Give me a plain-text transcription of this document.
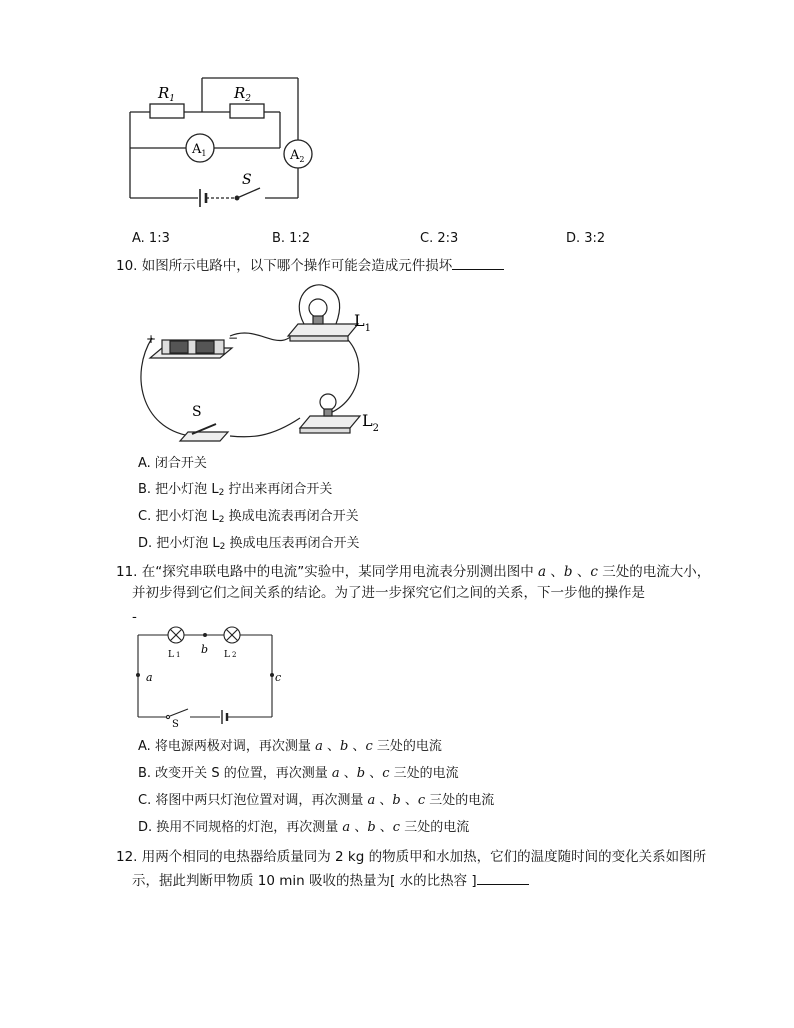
$R_1$	$R_2$
$A_1$	$A_2$
S
A. 1:3	B. 1:2	C. 2:3	D. 3:2
10. 如图所示电路中，以下哪个操作可能会造成元件损坏
+	−
$L_1$
$L_2$
S
A. 闭合开关
B. 把小灯泡 $L_2$ 拧出来再闭合开关
C. 把小灯泡 $L_2$ 换成电流表再闭合开关
D. 把小灯泡 $L_2$ 换成电压表再闭合开关
11. 在“探究串联电路中的电流”实验中，某同学用电流表分别测出图中 a 、b 、c 三处的电流大小，
并初步得到它们之间关系的结论。为了进一步探究它们之间的关系，下一步他的操作是
-
L 1	L 2
b
a	c
S
A. 将电源两极对调，再次测量 a 、b 、c 三处的电流
B. 改变开关 S 的位置，再次测量 a 、b 、c 三处的电流
C. 将图中两只灯泡位置对调，再次测量 a 、b 、c 三处的电流
D. 换用不同规格的灯泡，再次测量 a 、b 、c 三处的电流
12. 用两个相同的电热器给质量同为 2 kg 的物质甲和水加热，它们的温度随时间的变化关系如图所
示，据此判断甲物质 10 min 吸收的热量为[ 水的比热容 ]
